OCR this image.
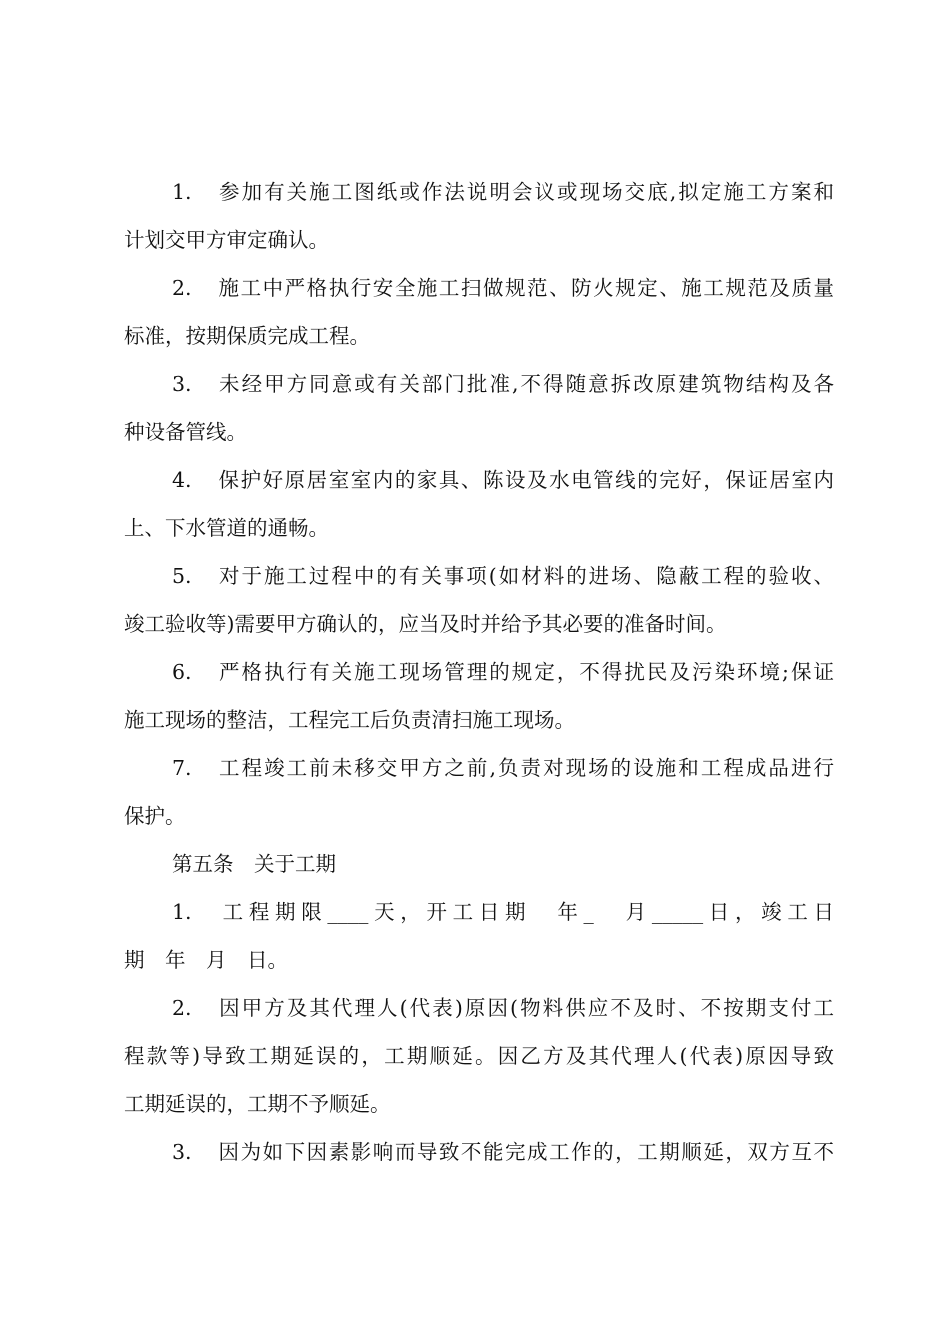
1. 参加有关施工图纸或作法说明会议或现场交底,拟定施工方案和
计划交甲方审定确认。
2. 施工中严格执行安全施工扫做规范、防火规定、施工规范及质量
标准，按期保质完成工程。
3. 未经甲方同意或有关部门批准,不得随意拆改原建筑物结构及各
种设备管线。
4. 保护好原居室室内的家具、陈设及水电管线的完好，保证居室内
上、下水管道的通畅。
5. 对于施工过程中的有关事项(如材料的进场、隐蔽工程的验收、
竣工验收等)需要甲方确认的，应当及时并给予其必要的准备时间。
6. 严格执行有关施工现场管理的规定，不得扰民及污染环境;保证
施工现场的整洁，工程完工后负责清扫施工现场。
7. 工程竣工前未移交甲方之前,负责对现场的设施和工程成品进行
保护。
第五条　关于工期
1. 工程期限____天，开工日期　年_　月_____日，竣工日
期　年　月　日。
2. 因甲方及其代理人(代表)原因(物料供应不及时、不按期支付工
程款等)导致工期延误的，工期顺延。因乙方及其代理人(代表)原因导致
工期延误的，工期不予顺延。
3. 因为如下因素影响而导致不能完成工作的，工期顺延，双方互不
